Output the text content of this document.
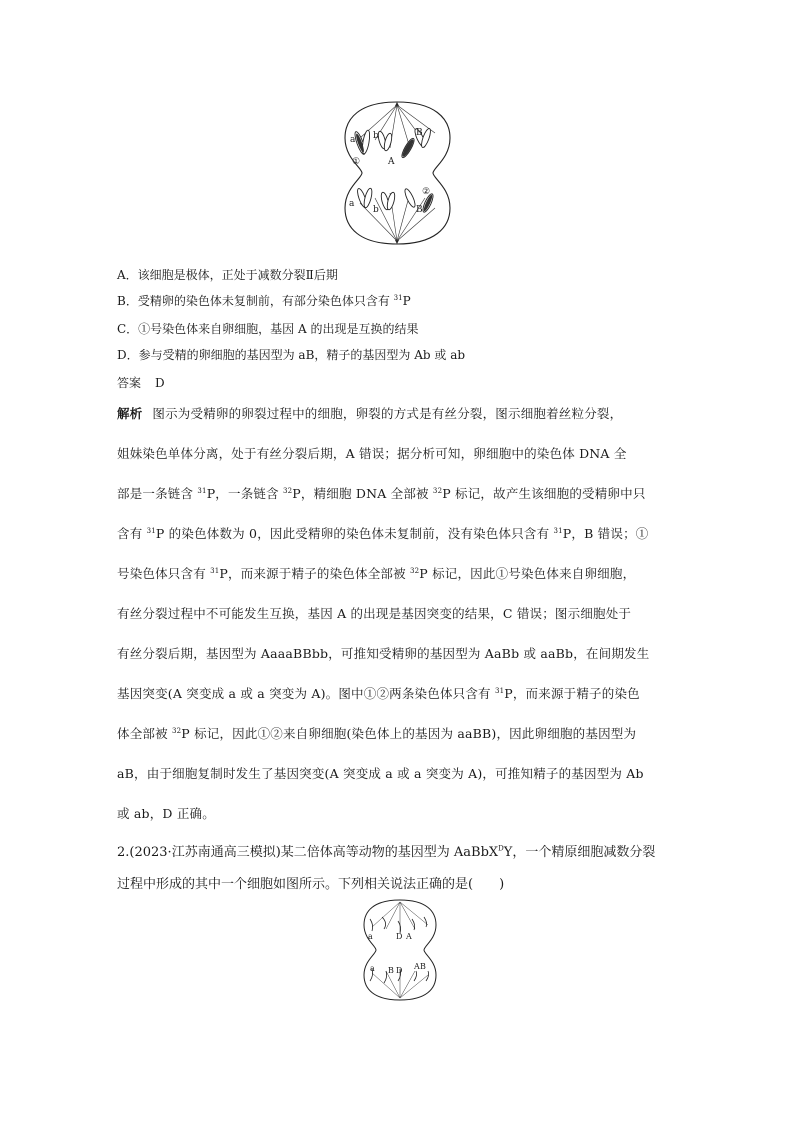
a b	B
①	A
②
a
b	B
A．该细胞是极体，正处于减数分裂Ⅱ后期
B．受精卵的染色体未复制前，有部分染色体只含有 $^{31}$P
C．①号染色体来自卵细胞，基因 A 的出现是互换的结果
D．参与受精的卵细胞的基因型为 aB，精子的基因型为 Ab 或 ab
答案 D
解析 图示为受精卵的卵裂过程中的细胞，卵裂的方式是有丝分裂，图示细胞着丝粒分裂，
姐妹染色单体分离，处于有丝分裂后期，A 错误；据分析可知，卵细胞中的染色体 DNA 全
部是一条链含 $^{31}$P，一条链含 $^{32}$P，精细胞 DNA 全部被 $^{32}$P 标记，故产生该细胞的受精卵中只
含有 $^{31}$P 的染色体数为 0，因此受精卵的染色体未复制前，没有染色体只含有 $^{31}$P，B 错误；①
号染色体只含有 $^{31}$P，而来源于精子的染色体全部被 $^{32}$P 标记，因此①号染色体来自卵细胞，
有丝分裂过程中不可能发生互换，基因 A 的出现是基因突变的结果，C 错误；图示细胞处于
有丝分裂后期，基因型为 AaaaBBbb，可推知受精卵的基因型为 AaBb 或 aaBb，在间期发生
基因突变(A 突变成 a 或 a 突变为 A)。图中①②两条染色体只含有 $^{31}$P，而来源于精子的染色
体全部被 $^{32}$P 标记，因此①②来自卵细胞(染色体上的基因为 aaBB)，因此卵细胞的基因型为
aB，由于细胞复制时发生了基因突变(A 突变成 a 或 a 突变为 A)，可推知精子的基因型为 Ab
或 ab，D 正确。
2.(2023·江苏南通高三模拟)某二倍体高等动物的基因型为 AaBbX$^D$Y，一个精原细胞减数分裂
过程中形成的其中一个细胞如图所示。下列相关说法正确的是(　　)
a	D A
a B D A B
